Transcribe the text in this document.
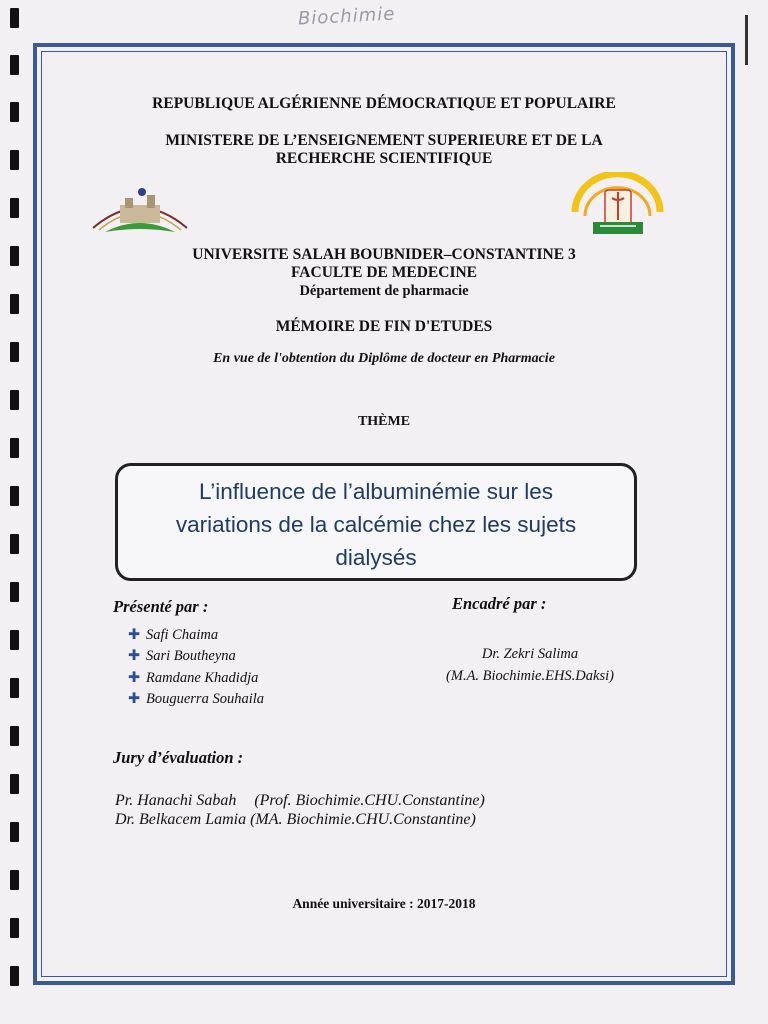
Biochimie
REPUBLIQUE ALGÉRIENNE DÉMOCRATIQUE ET POPULAIRE
MINISTERE DE L’ENSEIGNEMENT SUPERIEURE ET DE LA
RECHERCHE SCIENTIFIQUE
UNIVERSITE SALAH BOUBNIDER–CONSTANTINE 3
FACULTE DE MEDECINE
Département de pharmacie
MÉMOIRE DE FIN D'ETUDES
En vue de l'obtention du Diplôme de docteur en Pharmacie
THÈME
L’influence de l’albuminémie sur les
variations de la calcémie chez les sujets
dialysés
Présenté par :	Encadré par :
✚ Safi Chaima
✚ Sari Boutheyna
✚ Ramdane Khadidja
✚ Bouguerra Souhaila
Dr. Zekri Salima
(M.A. Biochimie.EHS.Daksi)
Jury d’évaluation :
Pr. Hanachi Sabah (Prof. Biochimie.CHU.Constantine)
Dr. Belkacem Lamia (MA. Biochimie.CHU.Constantine)
Année universitaire : 2017-2018
